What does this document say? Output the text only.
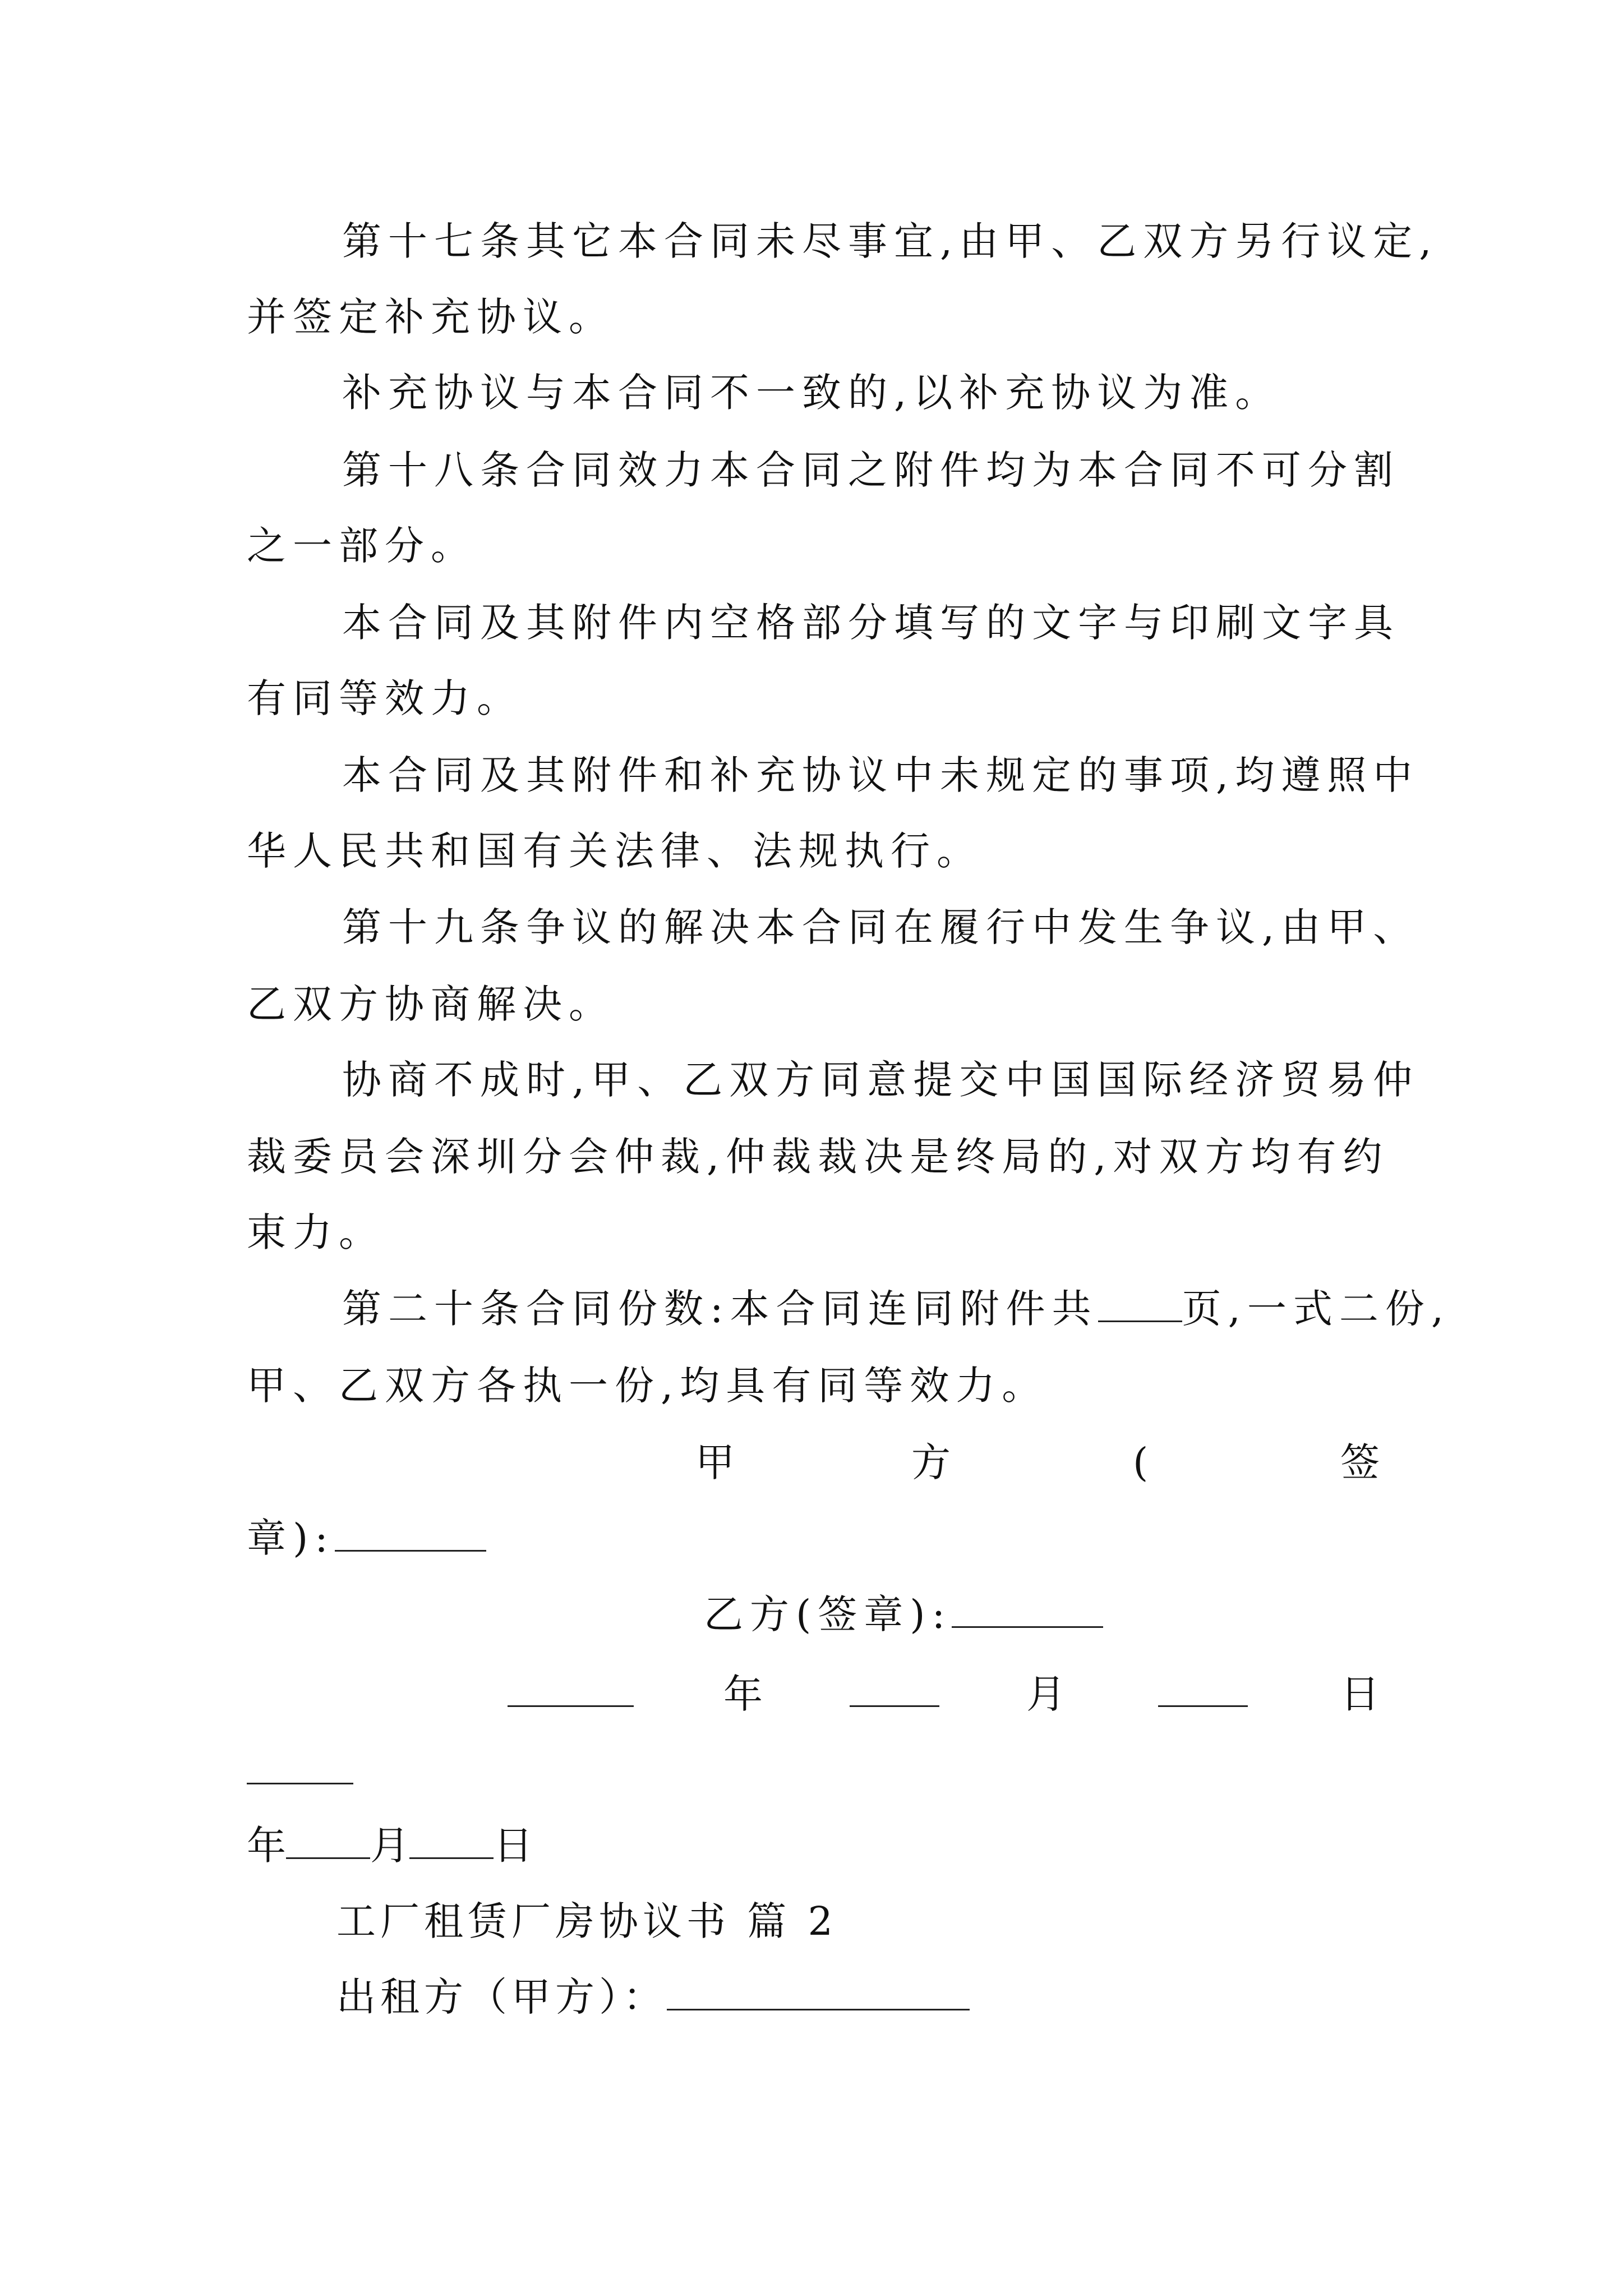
第十七条其它本合同未尽事宜,由甲、乙双方另行议定,
并签定补充协议。
补充协议与本合同不一致的,以补充协议为准。
第十八条合同效力本合同之附件均为本合同不可分割
之一部分。
本合同及其附件内空格部分填写的文字与印刷文字具
有同等效力。
本合同及其附件和补充协议中未规定的事项,均遵照中
华人民共和国有关法律、法规执行。
第十九条争议的解决本合同在履行中发生争议,由甲、
乙双方协商解决。
协商不成时,甲、乙双方同意提交中国国际经济贸易仲
裁委员会深圳分会仲裁,仲裁裁决是终局的,对双方均有约
束力。
第二十条合同份数:本合同连同附件共 页,一式二份,
甲、乙双方各执一份,均具有同等效力。
甲	方	(	签
章):
乙方(签章):
年	月	日
年 月 日
工厂租赁厂房协议书 篇 2
出租方（甲方）：
